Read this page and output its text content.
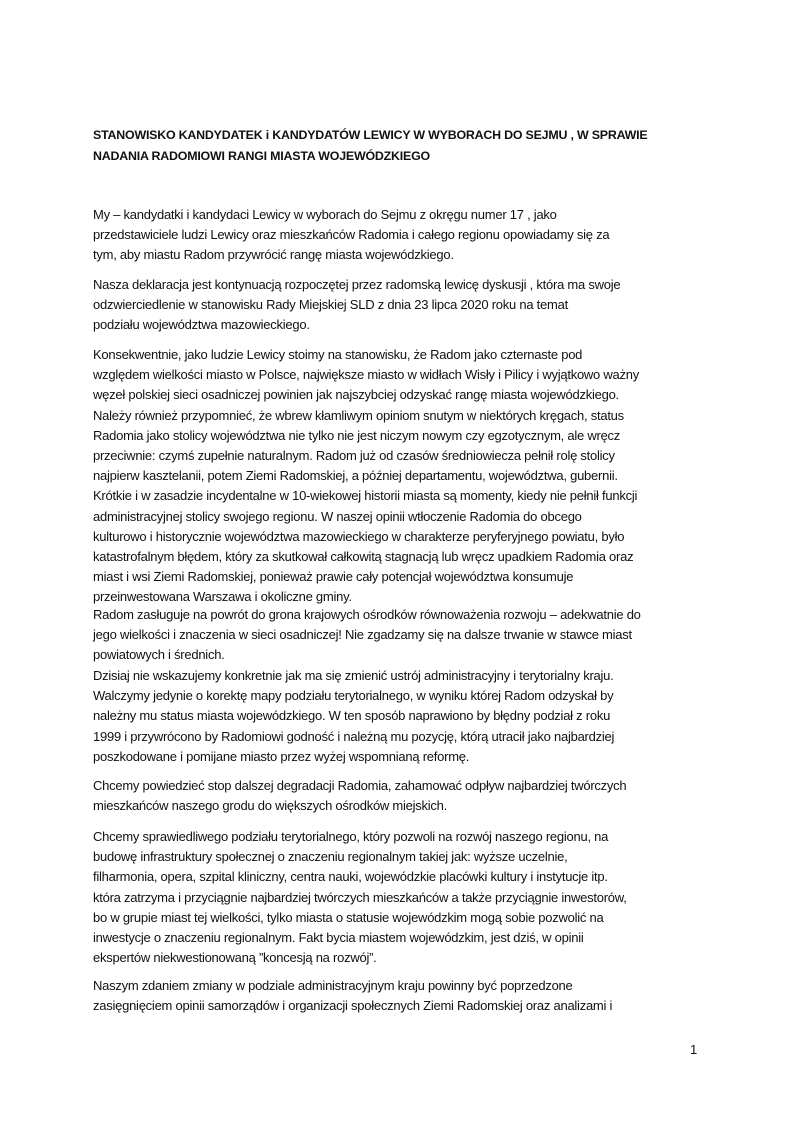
STANOWISKO KANDYDATEK i KANDYDATÓW LEWICY W WYBORACH DO SEJMU , W SPRAWIE
NADANIA RADOMIOWI RANGI MIASTA WOJEWÓDZKIEGO
My – kandydatki i kandydaci Lewicy w wyborach do Sejmu z okręgu numer 17 , jako
przedstawiciele ludzi Lewicy oraz mieszkańców Radomia i całego regionu opowiadamy się za
tym, aby miastu Radom przywrócić rangę miasta wojewódzkiego.
Nasza deklaracja jest kontynuacją rozpoczętej przez radomską lewicę dyskusji , która ma swoje
odzwierciedlenie w stanowisku Rady Miejskiej SLD z dnia 23 lipca 2020 roku na temat
podziału województwa mazowieckiego.
Konsekwentnie, jako ludzie Lewicy stoimy na stanowisku, że Radom jako czternaste pod
względem wielkości miasto w Polsce, największe miasto w widłach Wisły i Pilicy i wyjątkowo ważny
węzeł polskiej sieci osadniczej powinien jak najszybciej odzyskać rangę miasta wojewódzkiego.
Należy również przypomnieć, że wbrew kłamliwym opiniom snutym w niektórych kręgach, status
Radomia jako stolicy województwa nie tylko nie jest niczym nowym czy egzotycznym, ale wręcz
przeciwnie: czymś zupełnie naturalnym. Radom już od czasów średniowiecza pełnił rolę stolicy
najpierw kasztelanii, potem Ziemi Radomskiej, a później departamentu, województwa, gubernii.
Krótkie i w zasadzie incydentalne w 10-wiekowej historii miasta są momenty, kiedy nie pełnił funkcji
administracyjnej stolicy swojego regionu. W naszej opinii wtłoczenie Radomia do obcego
kulturowo i historycznie województwa mazowieckiego w charakterze peryferyjnego powiatu, było
katastrofalnym błędem, który za skutkował całkowitą stagnacją lub wręcz upadkiem Radomia oraz
miast i wsi Ziemi Radomskiej, ponieważ prawie cały potencjał województwa konsumuje
przeinwestowana Warszawa i okoliczne gminy.
Radom zasługuje na powrót do grona krajowych ośrodków równoważenia rozwoju – adekwatnie do
jego wielkości i znaczenia w sieci osadniczej! Nie zgadzamy się na dalsze trwanie w stawce miast
powiatowych i średnich.
Dzisiaj nie wskazujemy konkretnie jak ma się zmienić ustrój administracyjny i terytorialny kraju.
Walczymy jedynie o korektę mapy podziału terytorialnego, w wyniku której Radom odzyskał by
należny mu status miasta wojewódzkiego. W ten sposób naprawiono by błędny podział z roku
1999 i przywrócono by Radomiowi godność i należną mu pozycję, którą utracił jako najbardziej
poszkodowane i pomijane miasto przez wyżej wspomnianą reformę.
Chcemy powiedzieć stop dalszej degradacji Radomia, zahamować odpływ najbardziej twórczych
mieszkańców naszego grodu do większych ośrodków miejskich.
Chcemy sprawiedliwego podziału terytorialnego, który pozwoli na rozwój naszego regionu, na
budowę infrastruktury społecznej o znaczeniu regionalnym takiej jak: wyższe uczelnie,
filharmonia, opera, szpital kliniczny, centra nauki, wojewódzkie placówki kultury i instytucje itp.
która zatrzyma i przyciągnie najbardziej twórczych mieszkańców a także przyciągnie inwestorów,
bo w grupie miast tej wielkości, tylko miasta o statusie wojewódzkim mogą sobie pozwolić na
inwestycje o znaczeniu regionalnym. Fakt bycia miastem wojewódzkim, jest dziś, w opinii
ekspertów niekwestionowaną ”koncesją na rozwój”.
Naszym zdaniem zmiany w podziale administracyjnym kraju powinny być poprzedzone
zasięgnięciem opinii samorządów i organizacji społecznych Ziemi Radomskiej oraz analizami i
1
